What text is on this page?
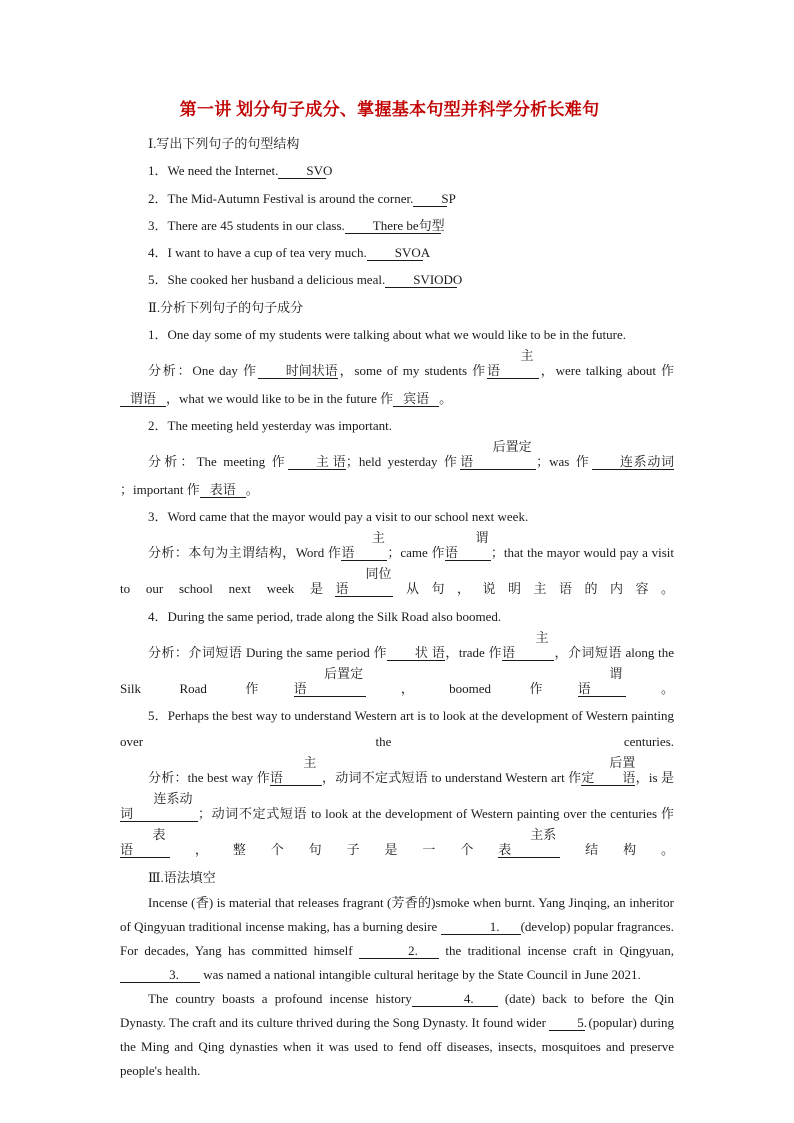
第一讲 划分句子成分、掌握基本句型并科学分析长难句

Ⅰ.写出下列句子的句型结构

1．We need the Internet. SVO

2．The Mid-Autumn Festival is around the corner. SP

3．There are 45 students in our class. There be句型

4．I want to have a cup of tea very much. SVOA

5．She cooked her husband a delicious meal. SVIODO

Ⅱ.分析下列句子的句子成分

1．One day some of my students were talking about what we would like to be in the future.

分析：One day 作 时间状语，some of my students 作主语	，were talking about 作

谓语 ，what we would like to be in the future 作 宾语 。

2．The meeting held yesterday was important.

分析：The meeting 作 主语；held yesterday 作后置定语	；was 作 连系动词

；important 作 表语 。

3．Word came that the mayor would pay a visit to our school next week.

分析：本句为主谓结构，Word 作主语	；came 作谓语	；that the mayor would pay a visit to our school next week 是同位语	从句，说明主语的内容。

4．During the same period, trade along the Silk Road also boomed.

分析：介词短语 During the same period 作 状语，trade 作主语	，介词短语 along the Silk Road 作后置定语	，boomed 作谓语	。

5．Perhaps the best way to understand Western art is to look at the development of Western painting over the centuries.

分析：the best way 作主语	，动词不定式短语 to understand Western art 作后置定语，is 是连系动词	；动词不定式短语 to look at the development of Western painting over the centuries 作表语	，整个句子是一个主系表	结构。

Ⅲ.语法填空

Incense (香) is material that releases fragrant (芳香的)smoke when burnt. Yang Jinqing, an inheritor of Qingyuan traditional incense making, has a burning desire	1. (develop) popular fragrances. For decades, Yang has committed himself	2. the traditional incense craft in Qingyuan, 3. was named a national intangible cultural heritage by the State Council in June 2021.

The country boasts a profound incense history	4. (date) back to before the Qin Dynasty. The craft and its culture thrived during the Song Dynasty. It found wider 5. (popular) during the Ming and Qing dynasties when it was used to fend off diseases, insects, mosquitoes and preserve people's health.
